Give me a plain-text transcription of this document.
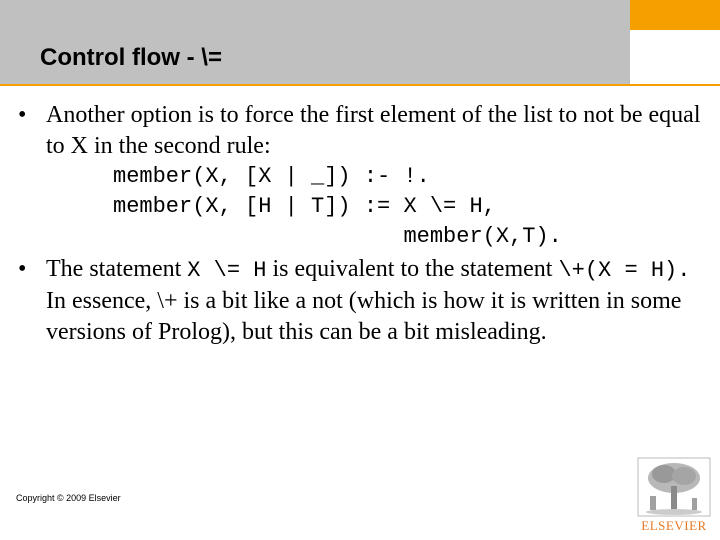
Control flow - \=
• Another option is to force the first element of the list to not be equal to X in the second rule:
member(X, [X | _]) :- !.
member(X, [H | T]) := X \= H,
member(X,T).
• The statement X \= H is equivalent to the statement \+(X = H). In essence, \+ is a bit like a not (which is how it is written in some versions of Prolog), but this can be a bit misleading.
Copyright © 2009 Elsevier
ELSEVIER
